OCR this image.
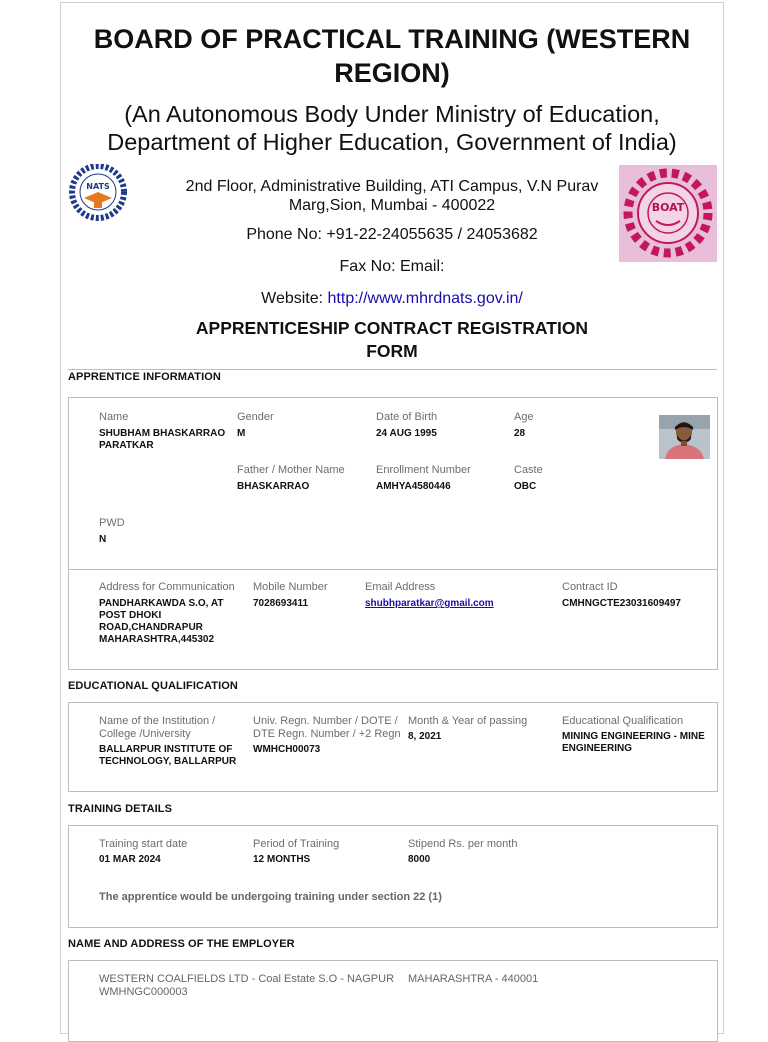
BOARD OF PRACTICAL TRAINING (WESTERN
REGION)
(An Autonomous Body Under Ministry of Education,
Department of Higher Education, Government of India)
NATS
BOAT
2nd Floor, Administrative Building, ATI Campus, V.N Purav
Marg,Sion, Mumbai - 400022
Phone No: +91-22-24055635 / 24053682
Fax No: Email:
Website: http://www.mhrdnats.gov.in/
APPRENTICESHIP CONTRACT REGISTRATION
FORM
APPRENTICE INFORMATION
Name
SHUBHAM BHASKARRAO
PARATKAR
Gender
M
Date of Birth
24 AUG 1995
Age
28
Father / Mother Name
BHASKARRAO
Enrollment Number
AMHYA4580446
Caste
OBC
PWD
N
Address for Communication
PANDHARKAWDA S.O, AT
POST DHOKI
ROAD,CHANDRAPUR
MAHARASHTRA,445302
Mobile Number
7028693411
Email Address
shubhparatkar@gmail.com
Contract ID
CMHNGCTE23031609497
EDUCATIONAL QUALIFICATION
Name of the Institution /
College /University
BALLARPUR INSTITUTE OF
TECHNOLOGY, BALLARPUR
Univ. Regn. Number / DOTE /
DTE Regn. Number / +2 Regn
WMHCH00073
Month & Year of passing
8, 2021
Educational Qualification
MINING ENGINEERING - MINE
ENGINEERING
TRAINING DETAILS
Training start date
01 MAR 2024
Period of Training
12 MONTHS
Stipend Rs. per month
8000
The apprentice would be undergoing training under section 22 (1)
NAME AND ADDRESS OF THE EMPLOYER
WESTERN COALFIELDS LTD - Coal Estate S.O - NAGPUR MAHARASHTRA - 440001
WMHNGC000003
